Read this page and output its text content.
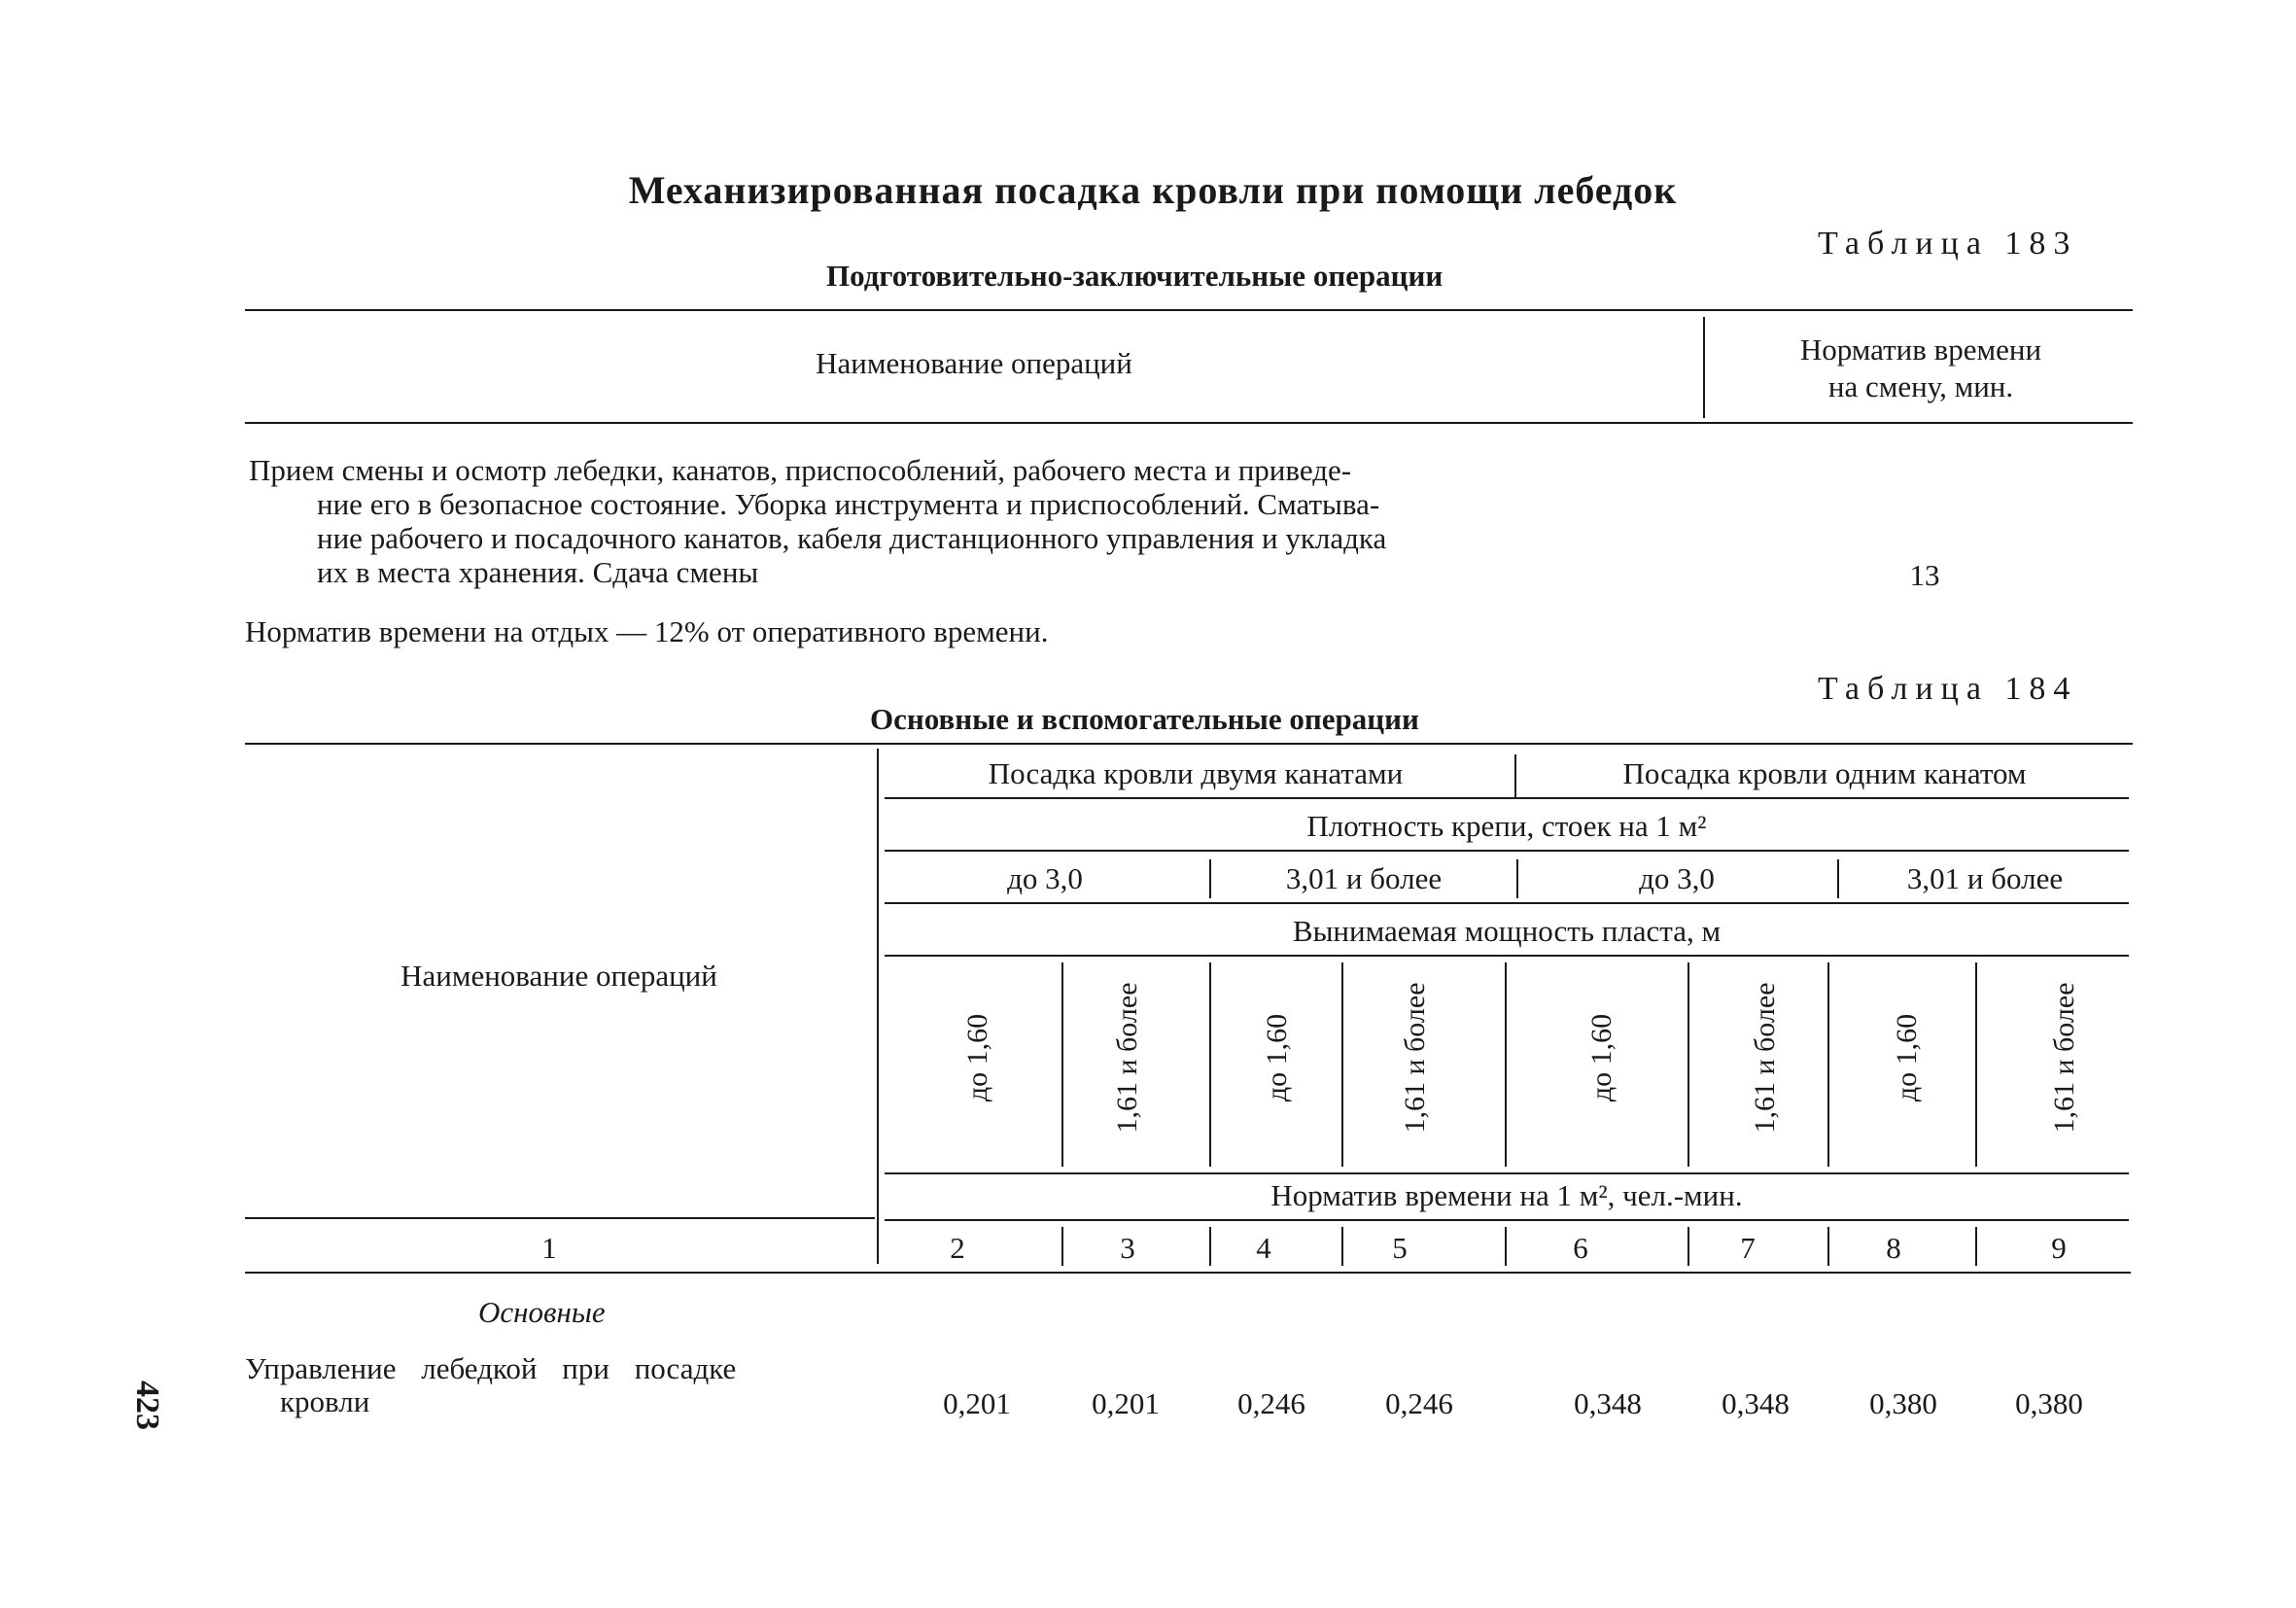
Механизированная посадка кровли при помощи лебедок
Таблица 183
Подготовительно-заключительные операции
Наименование операций	Норматив времени
на смену, мин.
Прием смены и осмотр лебедки, канатов, приспособлений, рабочего места и приведе-
ние его в безопасное состояние. Уборка инструмента и приспособлений. Сматыва-
ние рабочего и посадочного канатов, кабеля дистанционного управления и укладка
их в места хранения. Сдача смены	13
Норматив времени на отдых — 12% от оперативного времени.
Таблица 184
Основные и вспомогательные операции
Наименование операций
Посадка кровли двумя канатами	Посадка кровли одним канатом
Плотность крепи, стоек на 1 м²
до 3,0	3,01 и более	до 3,0	3,01 и более
Вынимаемая мощность пласта, м
до 1,60	1,61 и более	до 1,60	1,61 и более	до 1,60	1,61 и более	до 1,60	1,61 и более
Норматив времени на 1 м², чел.-мин.
1	2	3	4	5	6	7	8	9
Основные
Управление лебедкой при посадке
кровли	0,201	0,201	0,246	0,246	0,348	0,348	0,380	0,380
423
